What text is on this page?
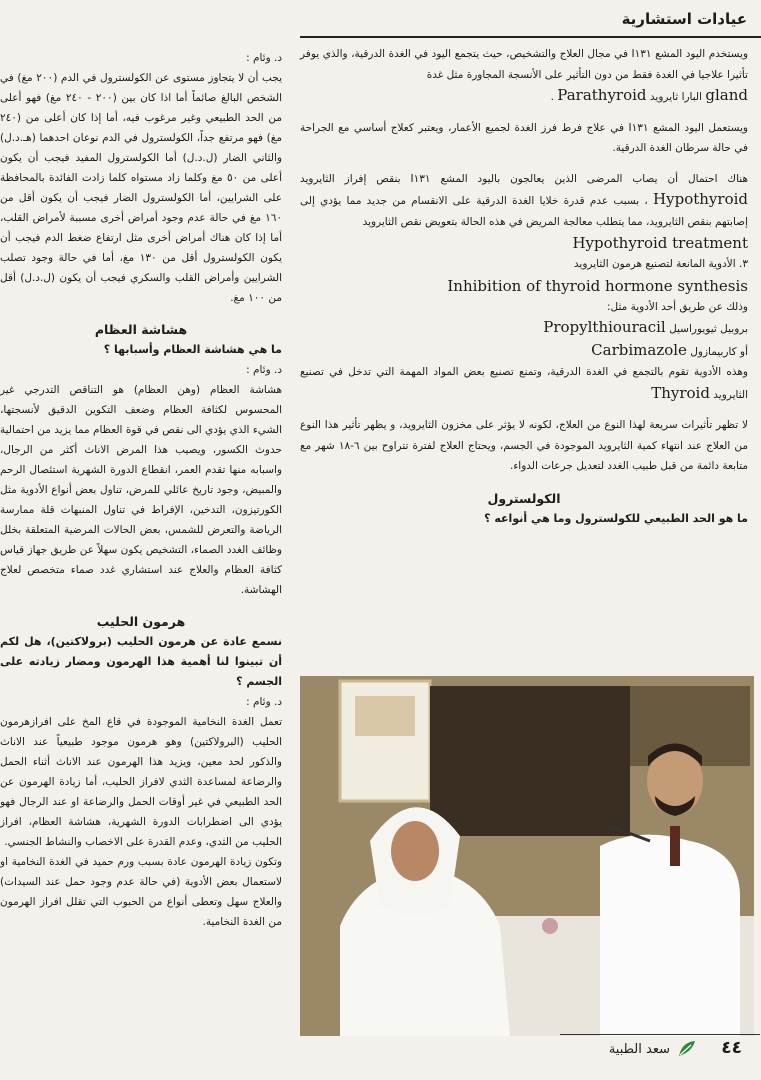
عيادات استشارية

ويستخدم اليود المشع I١٣١ في مجال العلاج والتشخيص، حيث يتجمع اليود في الغدة الدرقية، والذي يوفر تأثيرا علاجيا في الغدة فقط من دون التأثير على الأنسجة المجاورة مثل غدة

gland البارا ثايرويد Parathyroid .

ويستعمل اليود المشع I١٣١ في علاج فرط فرز الغدة لجميع الأعمار، ويعتبر كعلاج أساسي مع الجراحة في حالة سرطان الغدة الدرقية.

هناك احتمال أن يصاب المرضى الذين يعالجون باليود المشع I١٣١ بنقص إفراز الثايرويد Hypothyroid ، بسبب عدم قدرة خلايا الغدة الدرقية على الانقسام من جديد مما يؤدي إلى إصابتهم بنقص الثايرويد، مما يتطلب معالجة المريض في هذه الحالة بتعويض نقص الثايرويد

Hypothyroid treatment

٣. الأدوية المانعة لتصنيع هرمون الثايرويد

Inhibition of thyroid hormone synthesis

وذلك عن طريق أحد الأدوية مثل:

بروبيل ثيويوراسيل Propylthiouracil

أو كاربيمازول Carbimazole

وهذه الأدوية تقوم بالتجمع في الغدة الدرقية، وتمنع تصنيع بعض المواد المهمة التي تدخل في تصنيع الثايرويد Thyroid

لا تظهر تأثيرات سريعة لهذا النوع من العلاج، لكونه لا يؤثر على مخزون الثايرويد، و يظهر تأثير هذا النوع من العلاج عند انتهاء كمية الثايرويد الموجودة في الجسم، ويحتاج العلاج لفترة تتراوح بين ٦-١٨ شهر مع متابعة دائمة من قبل طبيب الغدد لتعديل جرعات الدواء.

الكولسترول

ما هو الحد الطبيعي للكولسترول وما هي أنواعه ؟

د. وئام :

يجب أن لا يتجاوز مستوى عن الكولسترول في الدم (٢٠٠ مغ) في الشخص البالغ صائماً أما اذا كان بين (٢٠٠ - ٢٤٠ مغ) فهو أعلى من الحد الطبيعي وغير مرغوب فيه، أما إذا كان أعلى من (٢٤٠ مغ) فهو مرتفع جداً، الكولسترول في الدم نوعان احدهما (هـ.د.ل) والثاني الضار (ل.د.ل) أما الكولسترول المفيد فيجب أن يكون أعلى من ٥٠ مغ وكلما زاد مستواه كلما زادت الفائدة بالمحافظة على الشرايين، أما الكولسترول الضار فيجب أن يكون أقل من ١٦٠ مغ في حالة عدم وجود أمراض أخرى مسببة لأمراض القلب، أما إذا كان هناك أمراض أخرى مثل ارتفاع ضغط الدم فيجب أن يكون الكولسترول أقل من ١٣٠ مغ، أما في حالة وجود تصلب الشرايين وأمراض القلب والسكري فيجب أن يكون (ل.د.ل) أقل من ١٠٠ مغ.

هشاشة العظام

ما هي هشاشة العظام وأسبابها ؟

د. وئام :

هشاشة العظام (وهن العظام) هو التناقص التدرجي غير المحسوس لكثافة العظام وضعف التكوين الدقيق لأنسجتها، الشيء الذي يؤدي الى نقص في قوة العظام مما يزيد من احتمالية حدوث الكسور، ويصيب هذا المرض الاناث أكثر من الرجال، واسبابه منها تقدم العمر، انقطاع الدورة الشهرية استئصال الرحم والمبيض، وجود تاريخ عائلي للمرض، تناول بعض أنواع الأدوية مثل الكورتيزون، التدخين، الإفراط في تناول المنبهات قلة ممارسة الرياضة والتعرض للشمس، بعض الحالات المرضية المتعلقة بخلل وظائف الغدد الصماء، التشخيص يكون سهلاً عن طريق جهاز قياس كثافة العظام والعلاج عند استشاري غدد صماء متخصص لعلاج الهشاشة.

هرمون الحليب

نسمع عادة عن هرمون الحليب (برولاكتين)، هل لكم أن تبينوا لنا أهمية هذا الهرمون ومضار زيادته على الجسم ؟

د. وئام :

تعمل الغدة النخامية الموجودة في قاع المخ على افرازهرمون الحليب (البرولاكتين) وهو هرمون موجود طبيعياً عند الاناث والذكور لحد معين، ويزيد هذا الهرمون عند الاناث أثناء الحمل والرضاعة لمساعدة الثدي لافراز الحليب، أما زيادة الهرمون عن الحد الطبيعي في غير أوقات الحمل والرضاعة او عند الرجال فهو يؤدي الى اضطرابات الدورة الشهرية، هشاشة العظام، افراز الحليب من الثدي، وعدم القدرة على الاخصاب والنشاط الجنسي.

وتكون زيادة الهرمون عادة بسبب ورم حميد في الغدة النخامية او لاستعمال بعض الأدوية (في حالة عدم وجود حمل عند السيدات) والعلاج سهل وتعطى أنواع من الحبوب التي تقلل افراز الهرمون من الغدة النخامية.

٤٤
سعد الطبية
